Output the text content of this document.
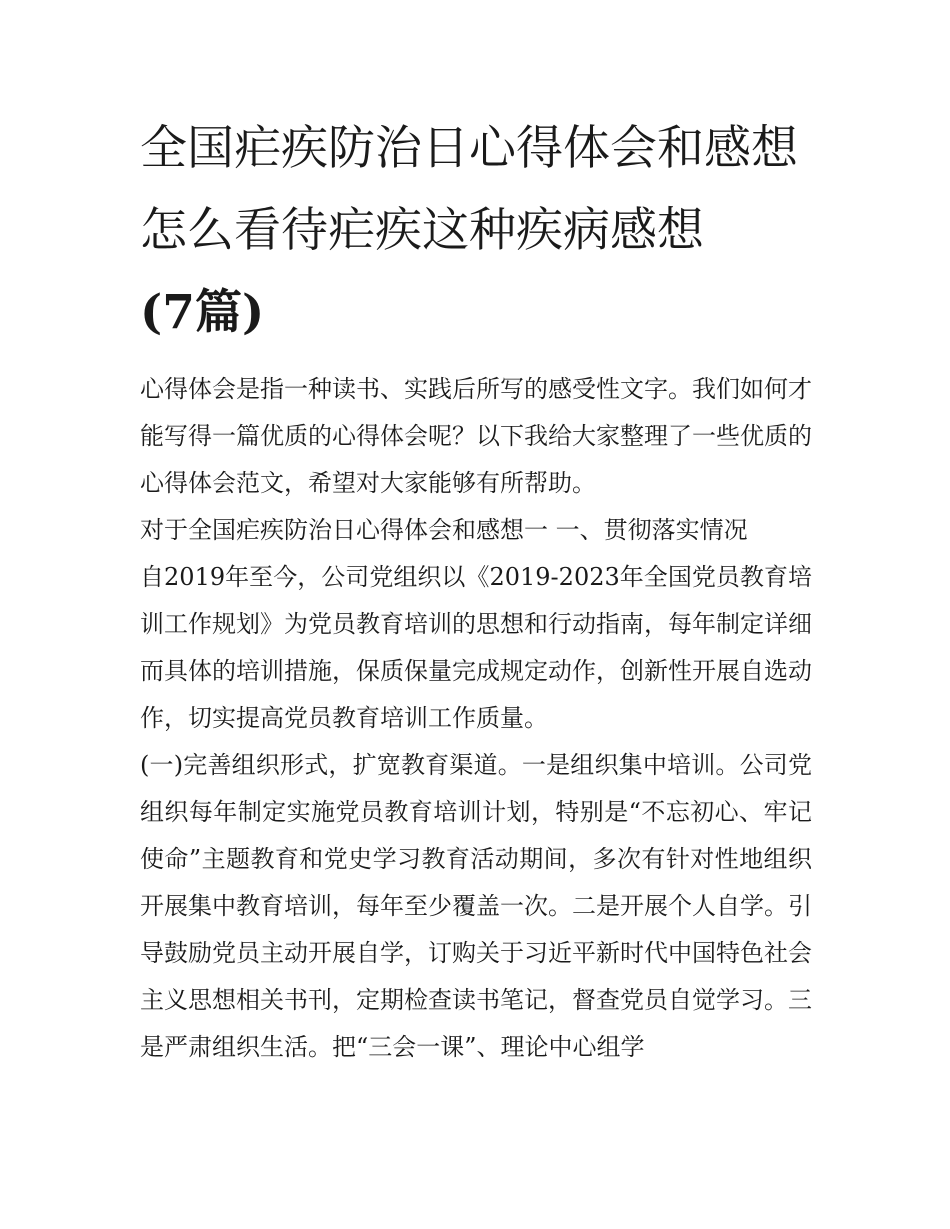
全国疟疾防治日心得体会和感想 怎么看待疟疾这种疾病感想
(7篇)

心得体会是指一种读书、实践后所写的感受性文字。我们如何才能写得一篇优质的心得体会呢？以下我给大家整理了一些优质的心得体会范文，希望对大家能够有所帮助。

对于全国疟疾防治日心得体会和感想一 一、贯彻落实情况

自2019年至今，公司党组织以《2019-2023年全国党员教育培训工作规划》为党员教育培训的思想和行动指南，每年制定详细而具体的培训措施，保质保量完成规定动作，创新性开展自选动作，切实提高党员教育培训工作质量。

(一)完善组织形式，扩宽教育渠道。一是组织集中培训。公司党组织每年制定实施党员教育培训计划，特别是“不忘初心、牢记使命”主题教育和党史学习教育活动期间，多次有针对性地组织开展集中教育培训，每年至少覆盖一次。二是开展个人自学。引导鼓励党员主动开展自学，订购关于习近平新时代中国特色社会主义思想相关书刊，定期检查读书笔记，督查党员自觉学习。三是严肃组织生活。把“三会一课”、理论中心组学
